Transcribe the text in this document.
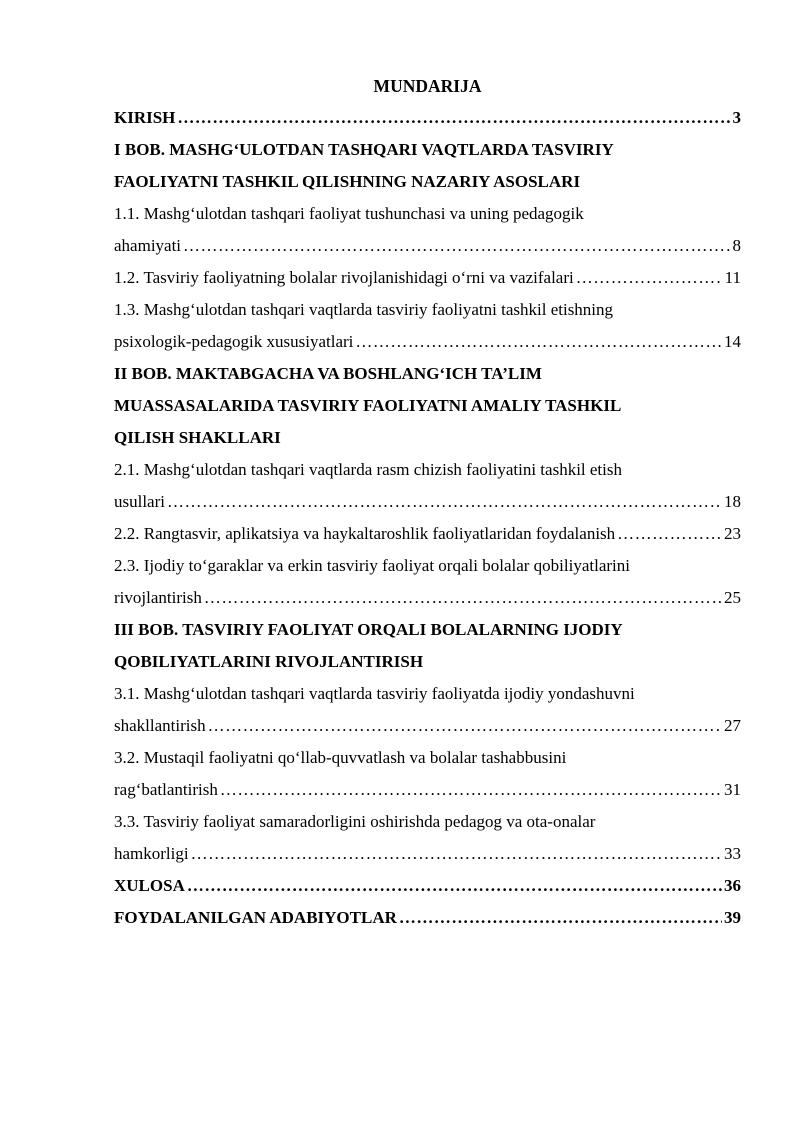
MUNDARIJA
KIRISH …………………………………………………………………………………………………………………………………………………………………………………………………………	3
I BOB. MASHG‘ULOTDAN TASHQARI VAQTLARDA TASVIRIY
FAOLIYATNI TASHKIL QILISHNING NAZARIY ASOSLARI
1.1. Mashg‘ulotdan tashqari faoliyat tushunchasi va uning pedagogik
ahamiyati …………………………………………………………………………………………………………………………………………………………………………………………………………	8
1.2. Tasviriy faoliyatning bolalar rivojlanishidagi o‘rni va vazifalari …………………………………………………………………………………………………………………………………………………………………………………………………………	11
1.3. Mashg‘ulotdan tashqari vaqtlarda tasviriy faoliyatni tashkil etishning
psixologik-pedagogik xususiyatlari …………………………………………………………………………………………………………………………………………………………………………………………………………	14
II BOB. MAKTABGACHA VA BOSHLANG‘ICH TA’LIM
MUASSASALARIDA TASVIRIY FAOLIYATNI AMALIY TASHKIL
QILISH SHAKLLARI
2.1. Mashg‘ulotdan tashqari vaqtlarda rasm chizish faoliyatini tashkil etish
usullari …………………………………………………………………………………………………………………………………………………………………………………………………………	18
2.2. Rangtasvir, aplikatsiya va haykaltaroshlik faoliyatlaridan foydalanish …………………………………………………………………………………………………………………………………………………………………………………………………………	23
2.3. Ijodiy to‘garaklar va erkin tasviriy faoliyat orqali bolalar qobiliyatlarini
rivojlantirish …………………………………………………………………………………………………………………………………………………………………………………………………………	25
III BOB. TASVIRIY FAOLIYAT ORQALI BOLALARNING IJODIY
QOBILIYATLARINI RIVOJLANTIRISH
3.1. Mashg‘ulotdan tashqari vaqtlarda tasviriy faoliyatda ijodiy yondashuvni
shakllantirish …………………………………………………………………………………………………………………………………………………………………………………………………………	27
3.2. Mustaqil faoliyatni qo‘llab-quvvatlash va bolalar tashabbusini
rag‘batlantirish …………………………………………………………………………………………………………………………………………………………………………………………………………	31
3.3. Tasviriy faoliyat samaradorligini oshirishda pedagog va ota-onalar
hamkorligi …………………………………………………………………………………………………………………………………………………………………………………………………………	33
XULOSA …………………………………………………………………………………………………………………………………………………………………………………………………………	36
FOYDALANILGAN ADABIYOTLAR …………………………………………………………………………………………………………………………………………………………………………………………………………	39
